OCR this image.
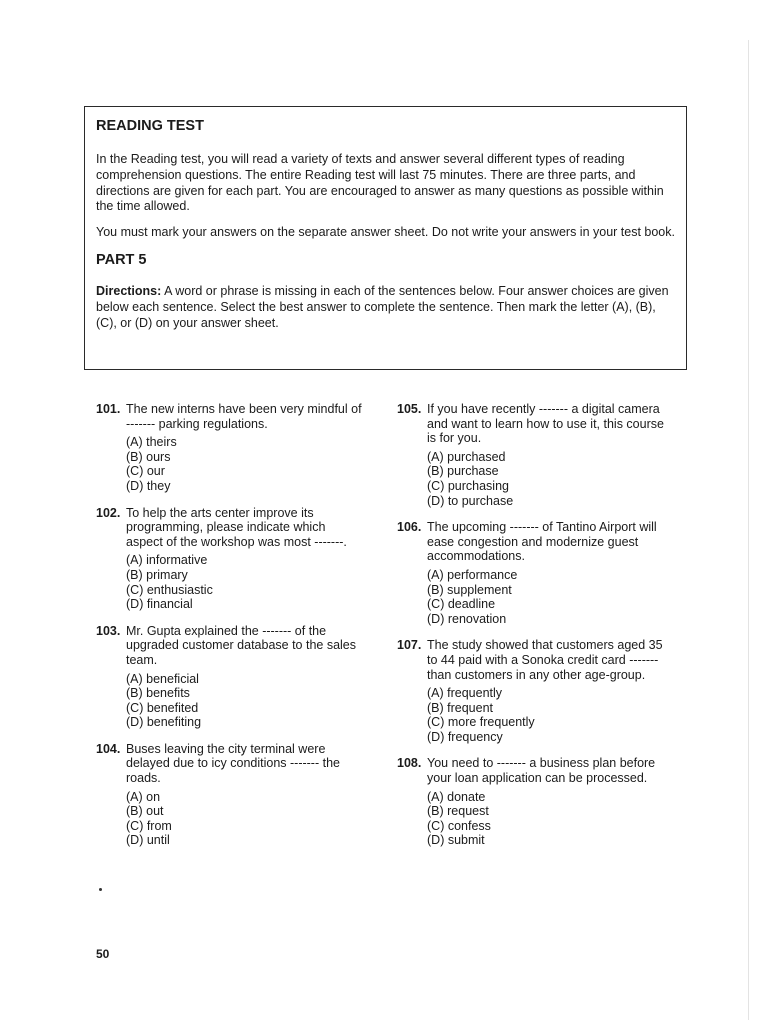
READING TEST

In the Reading test, you will read a variety of texts and answer several different types of reading comprehension questions. The entire Reading test will last 75 minutes. There are three parts, and directions are given for each part. You are encouraged to answer as many questions as possible within the time allowed.

You must mark your answers on the separate answer sheet. Do not write your answers in your test book.

PART 5

Directions: A word or phrase is missing in each of the sentences below. Four answer choices are given below each sentence. Select the best answer to complete the sentence. Then mark the letter (A), (B), (C), or (D) on your answer sheet.

101. The new interns have been very mindful of ------- parking regulations.
(A) theirs
(B) ours
(C) our
(D) they
102. To help the arts center improve its programming, please indicate which aspect of the workshop was most -------.
(A) informative
(B) primary
(C) enthusiastic
(D) financial
103. Mr. Gupta explained the ------- of the upgraded customer database to the sales team.
(A) beneficial
(B) benefits
(C) benefited
(D) benefiting
104. Buses leaving the city terminal were delayed due to icy conditions ------- the roads.
(A) on
(B) out
(C) from
(D) until
105. If you have recently ------- a digital camera and want to learn how to use it, this course is for you.
(A) purchased
(B) purchase
(C) purchasing
(D) to purchase
106. The upcoming ------- of Tantino Airport will ease congestion and modernize guest accommodations.
(A) performance
(B) supplement
(C) deadline
(D) renovation
107. The study showed that customers aged 35 to 44 paid with a Sonoka credit card ------- than customers in any other age-group.
(A) frequently
(B) frequent
(C) more frequently
(D) frequency
108. You need to ------- a business plan before your loan application can be processed.
(A) donate
(B) request
(C) confess
(D) submit
50
